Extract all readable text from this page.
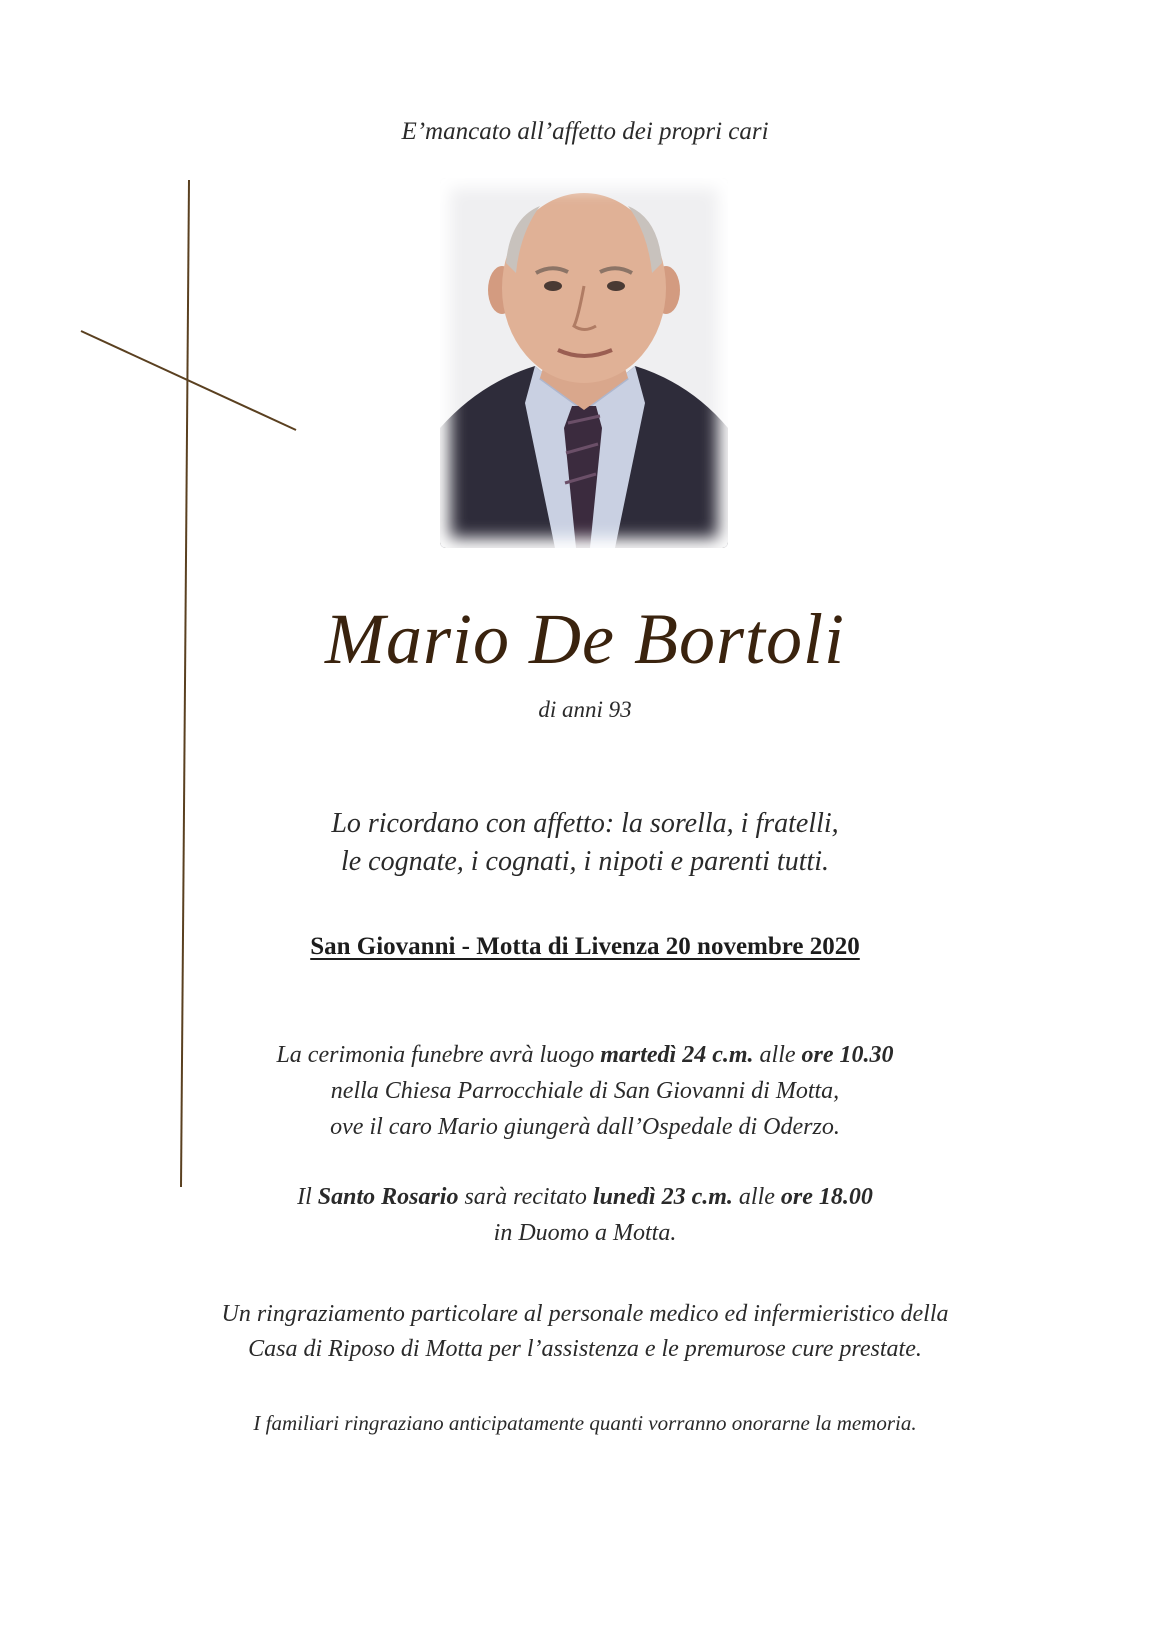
E’mancato all’affetto dei propri cari
Mario De Bortoli
di anni 93
Lo ricordano con affetto: la sorella, i fratelli,
le cognate, i cognati, i nipoti e parenti tutti.
San Giovanni - Motta di Livenza 20 novembre 2020
La cerimonia funebre avrà luogo martedì 24 c.m. alle ore 10.30
nella Chiesa Parrocchiale di San Giovanni di Motta,
ove il caro Mario giungerà dall’Ospedale di Oderzo.
Il Santo Rosario sarà recitato lunedì 23 c.m. alle ore 18.00
in Duomo a Motta.
Un ringraziamento particolare al personale medico ed infermieristico della
Casa di Riposo di Motta per l’assistenza e le premurose cure prestate.
I familiari ringraziano anticipatamente quanti vorranno onorarne la memoria.
